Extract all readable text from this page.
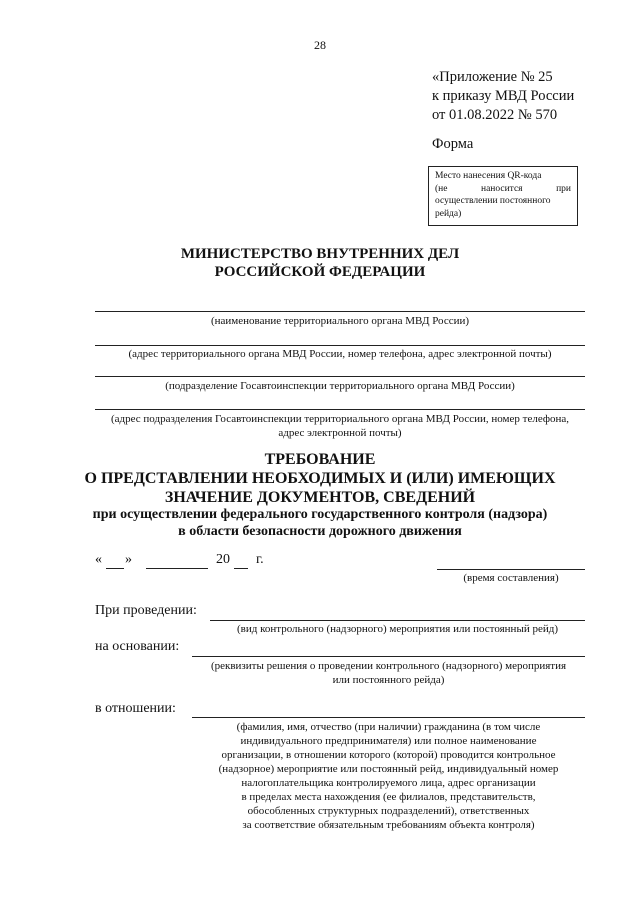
28
«Приложение № 25
к приказу МВД России
от 01.08.2022 № 570
Форма
Место нанесения QR-кода
(не наносится при
осуществлении постоянного
рейда)
МИНИСТЕРСТВО ВНУТРЕННИХ ДЕЛ
РОССИЙСКОЙ ФЕДЕРАЦИИ
(наименование территориального органа МВД России)
(адрес территориального органа МВД России, номер телефона, адрес электронной почты)
(подразделение Госавтоинспекции территориального органа МВД России)
(адрес подразделения Госавтоинспекции территориального органа МВД России, номер телефона,
адрес электронной почты)
ТРЕБОВАНИЕ
О ПРЕДСТАВЛЕНИИ НЕОБХОДИМЫХ И (ИЛИ) ИМЕЮЩИХ
ЗНАЧЕНИЕ ДОКУМЕНТОВ, СВЕДЕНИЙ
при осуществлении федерального государственного контроля (надзора)
в области безопасности дорожного движения
« »	20 г.
(время составления)
При проведении:
(вид контрольного (надзорного) мероприятия или постоянный рейд)
на основании:
(реквизиты решения о проведении контрольного (надзорного) мероприятия
или постоянного рейда)
в отношении:
(фамилия, имя, отчество (при наличии) гражданина (в том числе
индивидуального предпринимателя) или полное наименование
организации, в отношении которого (которой) проводится контрольное
(надзорное) мероприятие или постоянный рейд, индивидуальный номер
налогоплательщика контролируемого лица, адрес организации
в пределах места нахождения (ее филиалов, представительств,
обособленных структурных подразделений), ответственных
за соответствие обязательным требованиям объекта контроля)
